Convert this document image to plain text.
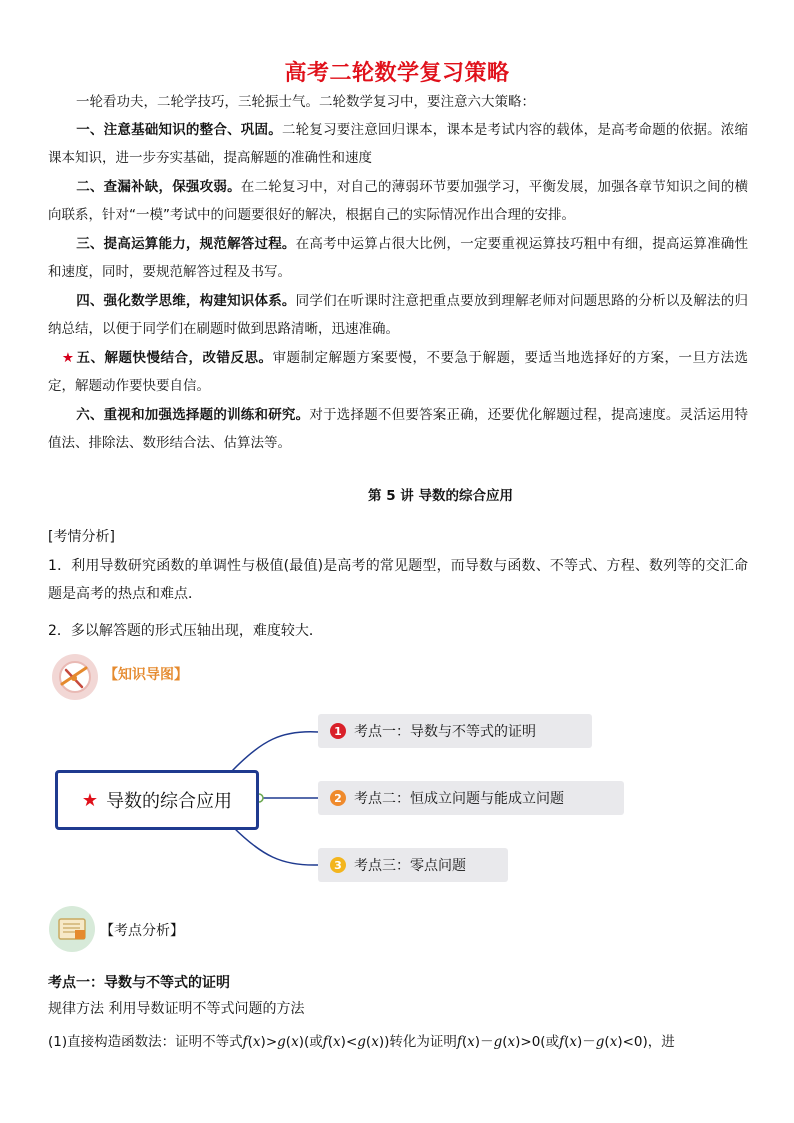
高考二轮数学复习策略
一轮看功夫，二轮学技巧，三轮振士气。二轮数学复习中，要注意六大策略：
一、注意基础知识的整合、巩固。二轮复习要注意回归课本，课本是考试内容的载体，是高考命题的依据。浓缩课本知识，进一步夯实基础，提高解题的准确性和速度
二、查漏补缺，保强攻弱。在二轮复习中，对自己的薄弱环节要加强学习，平衡发展，加强各章节知识之间的横向联系，针对“一模”考试中的问题要很好的解决，根据自己的实际情况作出合理的安排。
三、提高运算能力，规范解答过程。在高考中运算占很大比例，一定要重视运算技巧粗中有细，提高运算准确性和速度，同时，要规范解答过程及书写。
四、强化数学思维，构建知识体系。同学们在听课时注意把重点要放到理解老师对问题思路的分析以及解法的归纳总结，以便于同学们在刷题时做到思路清晰，迅速准确。
★ 五、解题快慢结合，改错反思。审题制定解题方案要慢，不要急于解题，要适当地选择好的方案，一旦方法选定，解题动作要快要自信。
六、重视和加强选择题的训练和研究。对于选择题不但要答案正确，还要优化解题过程，提高速度。灵活运用特值法、排除法、数形结合法、估算法等。
第 5 讲 导数的综合应用
[考情分析]
1．利用导数研究函数的单调性与极值(最值)是高考的常见题型，而导数与函数、不等式、方程、数列等的交汇命题是高考的热点和难点．
2．多以解答题的形式压轴出现，难度较大．
【知识导图】
★ 导数的综合应用
1 考点一：导数与不等式的证明
2 考点二：恒成立问题与能成立问题
3 考点三：零点问题
【考点分析】
考点一：导数与不等式的证明
规律方法 利用导数证明不等式问题的方法
(1)直接构造函数法：证明不等式f(x)>g(x)(或f(x)<g(x))转化为证明f(x)－g(x)>0(或f(x)－g(x)<0)，进
